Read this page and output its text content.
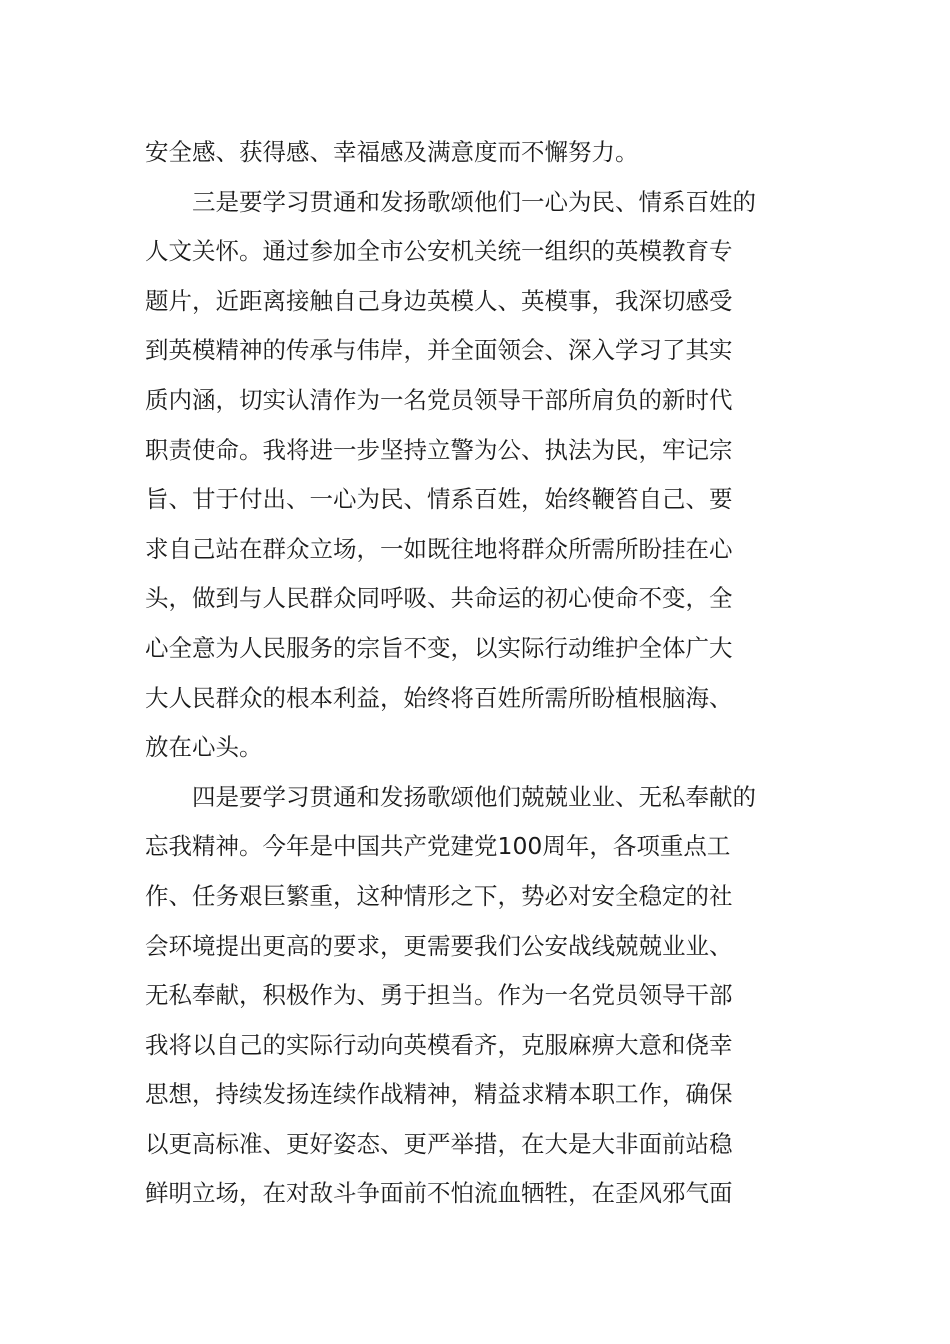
安全感、获得感、幸福感及满意度而不懈努力。
三是要学习贯通和发扬歌颂他们一心为民、情系百姓的
人文关怀。通过参加全市公安机关统一组织的英模教育专
题片，近距离接触自己身边英模人、英模事，我深切感受
到英模精神的传承与伟岸，并全面领会、深入学习了其实
质内涵，切实认清作为一名党员领导干部所肩负的新时代
职责使命。我将进一步坚持立警为公、执法为民，牢记宗
旨、甘于付出、一心为民、情系百姓，始终鞭笞自己、要
求自己站在群众立场，一如既往地将群众所需所盼挂在心
头，做到与人民群众同呼吸、共命运的初心使命不变，全
心全意为人民服务的宗旨不变，以实际行动维护全体广大
大人民群众的根本利益，始终将百姓所需所盼植根脑海、
放在心头。
四是要学习贯通和发扬歌颂他们兢兢业业、无私奉献的
忘我精神。今年是中国共产党建党100周年，各项重点工
作、任务艰巨繁重，这种情形之下，势必对安全稳定的社
会环境提出更高的要求，更需要我们公安战线兢兢业业、
无私奉献，积极作为、勇于担当。作为一名党员领导干部
我将以自己的实际行动向英模看齐，克服麻痹大意和侥幸
思想，持续发扬连续作战精神，精益求精本职工作，确保
以更高标准、更好姿态、更严举措，在大是大非面前站稳
鲜明立场，在对敌斗争面前不怕流血牺牲，在歪风邪气面
